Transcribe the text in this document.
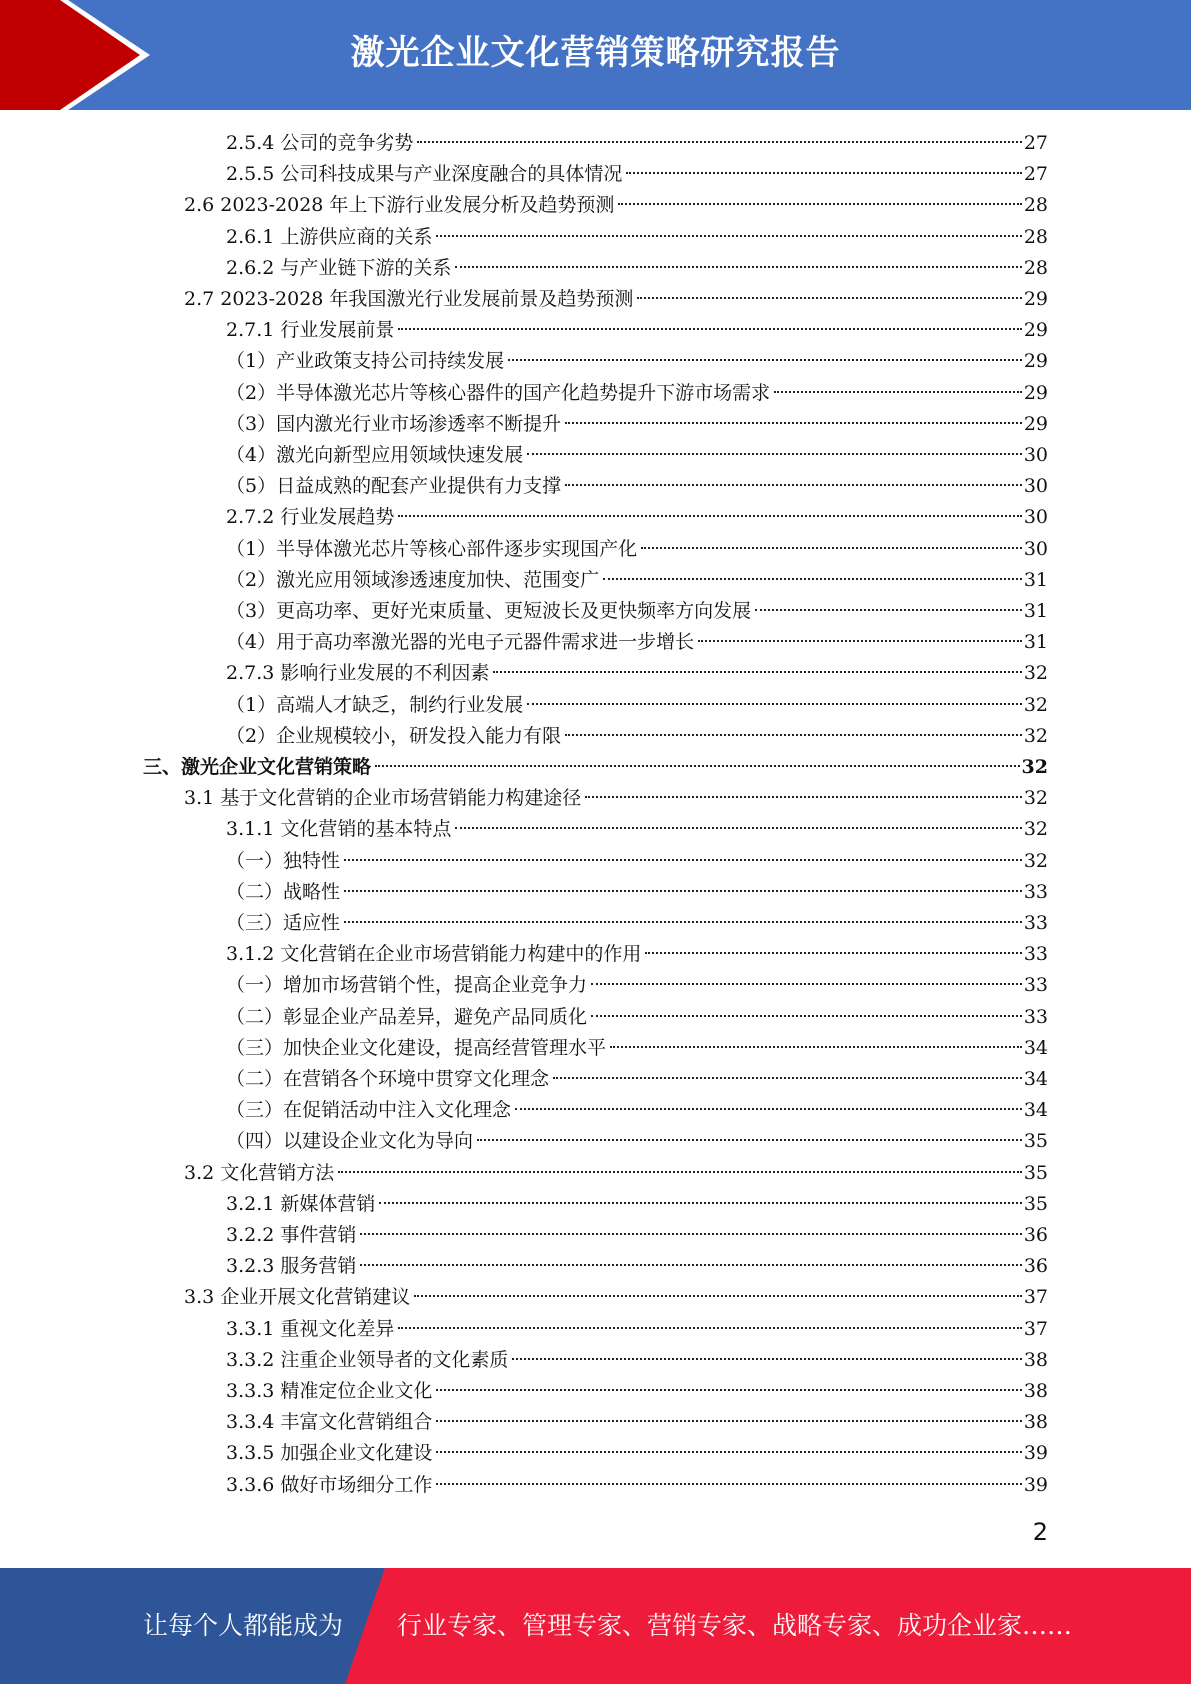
激光企业文化营销策略研究报告
2.5.4 公司的竞争劣势	27
2.5.5 公司科技成果与产业深度融合的具体情况	27
2.6 2023-2028 年上下游行业发展分析及趋势预测	28
2.6.1 上游供应商的关系	28
2.6.2 与产业链下游的关系	28
2.7 2023-2028 年我国激光行业发展前景及趋势预测	29
2.7.1 行业发展前景	29
（1）产业政策支持公司持续发展	29
（2）半导体激光芯片等核心器件的国产化趋势提升下游市场需求	29
（3）国内激光行业市场渗透率不断提升	29
（4）激光向新型应用领域快速发展	30
（5）日益成熟的配套产业提供有力支撑	30
2.7.2 行业发展趋势	30
（1）半导体激光芯片等核心部件逐步实现国产化	30
（2）激光应用领域渗透速度加快、范围变广	31
（3）更高功率、更好光束质量、更短波长及更快频率方向发展	31
（4）用于高功率激光器的光电子元器件需求进一步增长	31
2.7.3 影响行业发展的不利因素	32
（1）高端人才缺乏，制约行业发展	32
（2）企业规模较小，研发投入能力有限	32
三、激光企业文化营销策略	32
3.1 基于文化营销的企业市场营销能力构建途径	32
3.1.1 文化营销的基本特点	32
（一）独特性	32
（二）战略性	33
（三）适应性	33
3.1.2 文化营销在企业市场营销能力构建中的作用	33
（一）增加市场营销个性，提高企业竞争力	33
（二）彰显企业产品差异，避免产品同质化	33
（三）加快企业文化建设，提高经营管理水平	34
（二）在营销各个环境中贯穿文化理念	34
（三）在促销活动中注入文化理念	34
（四）以建设企业文化为导向	35
3.2 文化营销方法	35
3.2.1 新媒体营销	35
3.2.2 事件营销	36
3.2.3 服务营销	36
3.3 企业开展文化营销建议	37
3.3.1 重视文化差异	37
3.3.2 注重企业领导者的文化素质	38
3.3.3 精准定位企业文化	38
3.3.4 丰富文化营销组合	38
3.3.5 加强企业文化建设	39
3.3.6 做好市场细分工作	39
2
让每个人都能成为 行业专家、管理专家、营销专家、战略专家、成功企业家……
